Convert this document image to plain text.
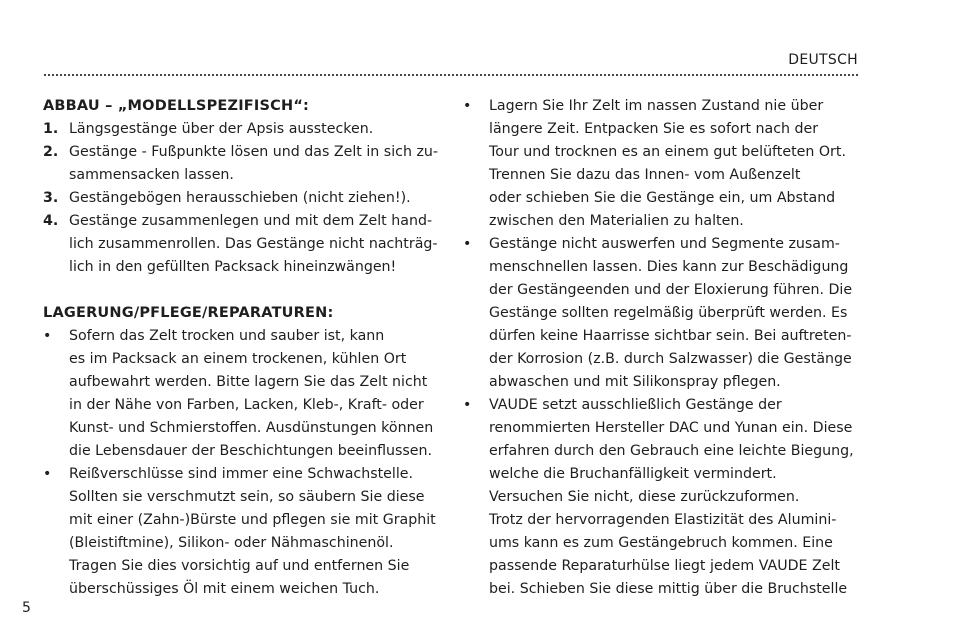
DEUTSCH
ABBAU – „MODELLSPEZIFISCH“:
1. Längsgestänge über der Apsis ausstecken.
2. Gestänge - Fußpunkte lösen und das Zelt in sich zu-
sammensacken lassen.
3. Gestängebögen herausschieben (nicht ziehen!).
4. Gestänge zusammenlegen und mit dem Zelt hand-
lich zusammenrollen. Das Gestänge nicht nachträg-
lich in den gefüllten Packsack hineinzwängen!
LAGERUNG/PFLEGE/REPARATUREN:
• Sofern das Zelt trocken und sauber ist, kann
es im Packsack an einem trockenen, kühlen Ort
aufbewahrt werden. Bitte lagern Sie das Zelt nicht
in der Nähe von Farben, Lacken, Kleb-, Kraft- oder
Kunst- und Schmierstoffen. Ausdünstungen können
die Lebensdauer der Beschichtungen beeinflussen.
• Reißverschlüsse sind immer eine Schwachstelle.
Sollten sie verschmutzt sein, so säubern Sie diese
mit einer (Zahn-)Bürste und pflegen sie mit Graphit
(Bleistiftmine), Silikon- oder Nähmaschinenöl.
Tragen Sie dies vorsichtig auf und entfernen Sie
überschüssiges Öl mit einem weichen Tuch.
• Lagern Sie Ihr Zelt im nassen Zustand nie über
längere Zeit. Entpacken Sie es sofort nach der
Tour und trocknen es an einem gut belüfteten Ort.
Trennen Sie dazu das Innen- vom Außenzelt
oder schieben Sie die Gestänge ein, um Abstand
zwischen den Materialien zu halten.
• Gestänge nicht auswerfen und Segmente zusam-
menschnellen lassen. Dies kann zur Beschädigung
der Gestängeenden und der Eloxierung führen. Die
Gestänge sollten regelmäßig überprüft werden. Es
dürfen keine Haarrisse sichtbar sein. Bei auftreten-
der Korrosion (z.B. durch Salzwasser) die Gestänge
abwaschen und mit Silikonspray pflegen.
• VAUDE setzt ausschließlich Gestänge der
renommierten Hersteller DAC und Yunan ein. Diese
erfahren durch den Gebrauch eine leichte Biegung,
welche die Bruchanfälligkeit vermindert.
Versuchen Sie nicht, diese zurückzuformen.
Trotz der hervorragenden Elastizität des Alumini-
ums kann es zum Gestängebruch kommen. Eine
passende Reparaturhülse liegt jedem VAUDE Zelt
bei. Schieben Sie diese mittig über die Bruchstelle
5
